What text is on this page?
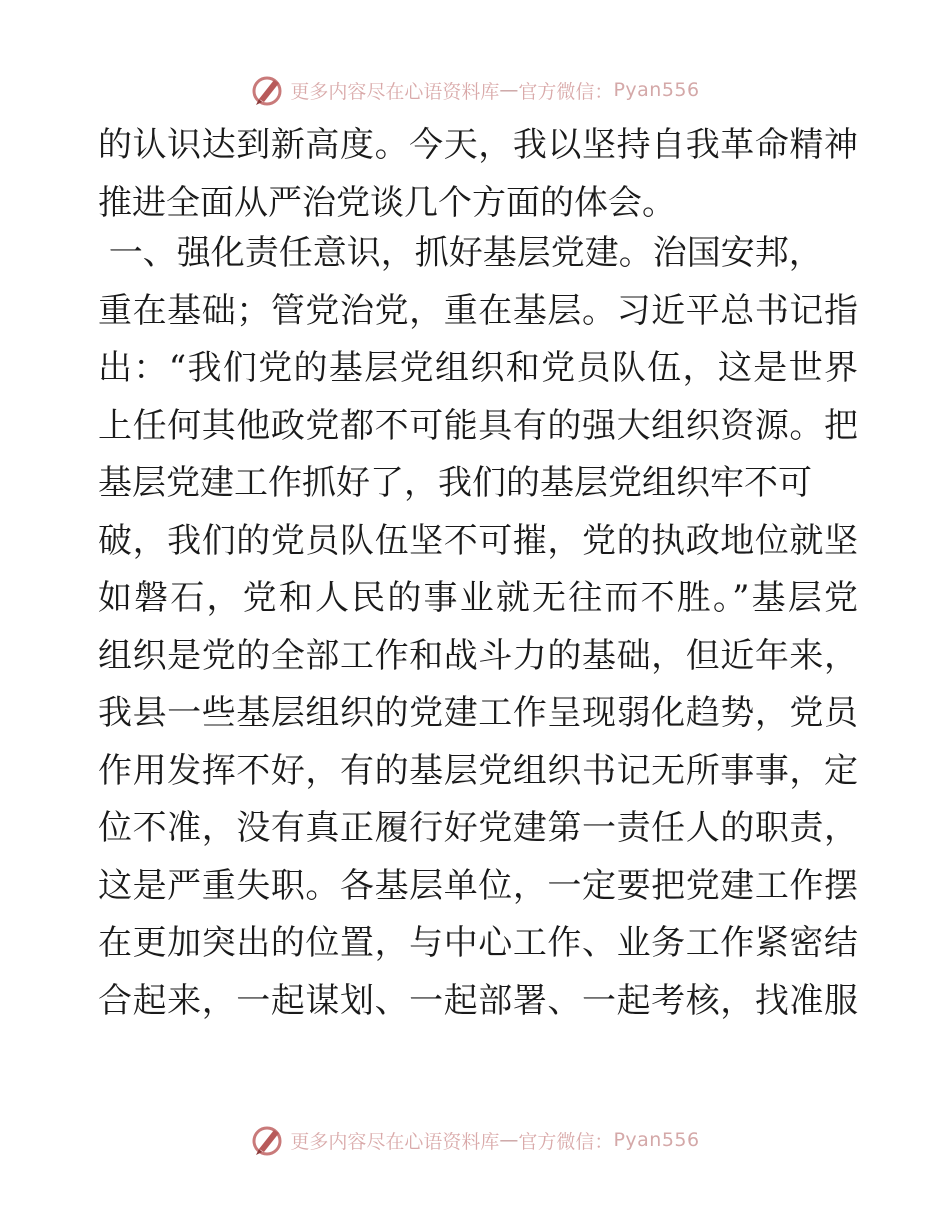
更多内容尽在心语资料库 — 官方微信： Pyan556
的认识达到新高度。今天，我以坚持自我革命精神
推进全面从严治党谈几个方面的体会。
一、强化责任意识，抓好基层党建。治国安邦，
重在基础；管党治党，重在基层。习近平总书记指
出：“我们党的基层党组织和党员队伍，这是世界
上任何其他政党都不可能具有的强大组织资源。把
基层党建工作抓好了，我们的基层党组织牢不可
破，我们的党员队伍坚不可摧，党的执政地位就坚
如磐石，党和人民的事业就无往而不胜。”基层党
组织是党的全部工作和战斗力的基础，但近年来，
我县一些基层组织的党建工作呈现弱化趋势，党员
作用发挥不好，有的基层党组织书记无所事事，定
位不准，没有真正履行好党建第一责任人的职责，
这是严重失职。各基层单位，一定要把党建工作摆
在更加突出的位置，与中心工作、业务工作紧密结
合起来，一起谋划、一起部署、一起考核，找准服
更多内容尽在心语资料库 — 官方微信： Pyan556
